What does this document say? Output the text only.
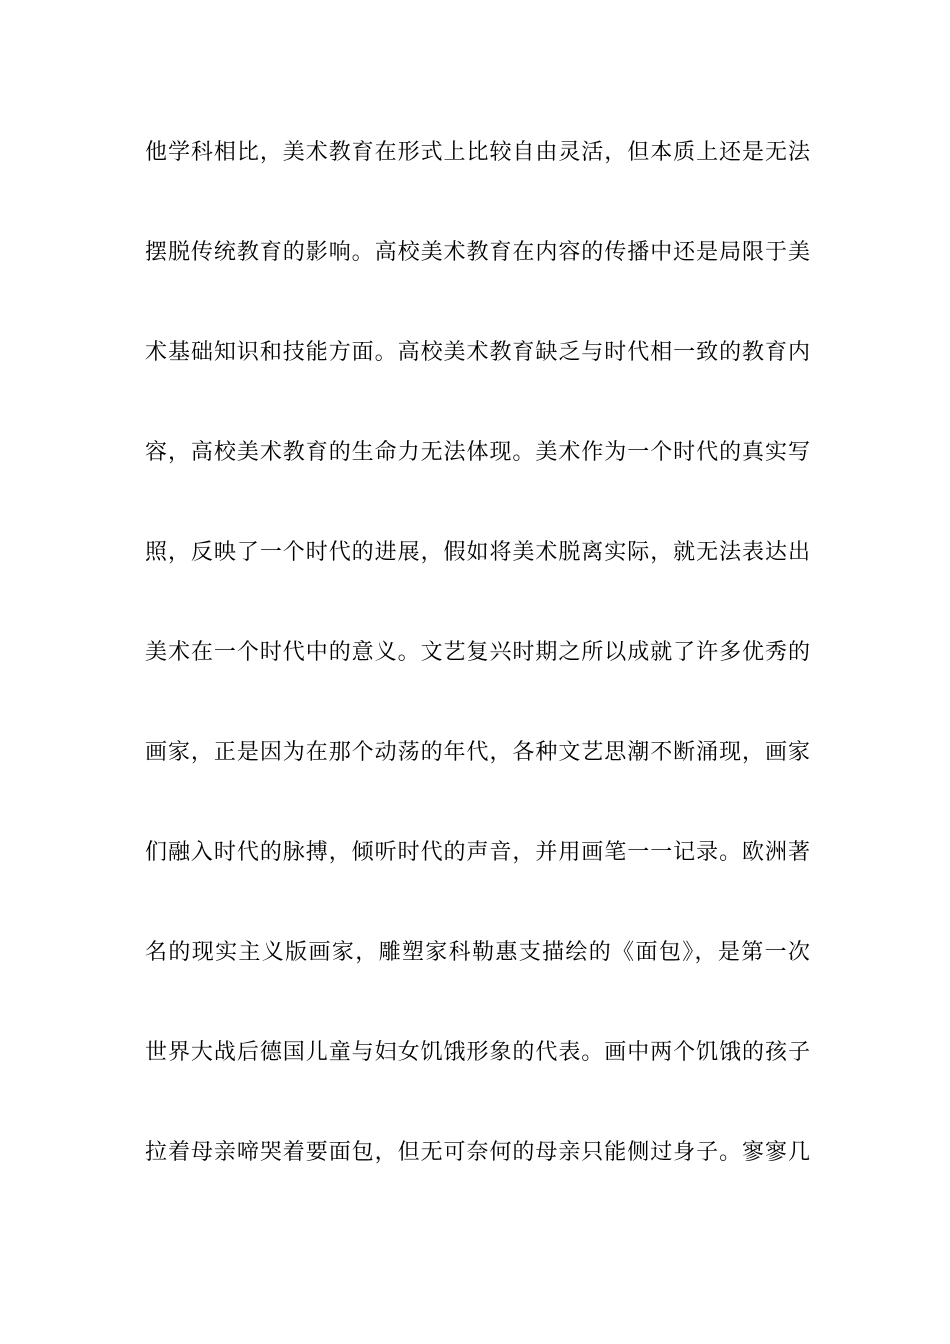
他学科相比，美术教育在形式上比较自由灵活，但本质上还是无法
摆脱传统教育的影响。高校美术教育在内容的传播中还是局限于美
术基础知识和技能方面。高校美术教育缺乏与时代相一致的教育内
容，高校美术教育的生命力无法体现。美术作为一个时代的真实写
照，反映了一个时代的进展，假如将美术脱离实际，就无法表达出
美术在一个时代中的意义。文艺复兴时期之所以成就了许多优秀的
画家，正是因为在那个动荡的年代，各种文艺思潮不断涌现，画家
们融入时代的脉搏，倾听时代的声音，并用画笔一一记录。欧洲著
名的现实主义版画家，雕塑家科勒惠支描绘的《面包》，是第一次
世界大战后德国儿童与妇女饥饿形象的代表。画中两个饥饿的孩子
拉着母亲啼哭着要面包，但无可奈何的母亲只能侧过身子。寥寥几
